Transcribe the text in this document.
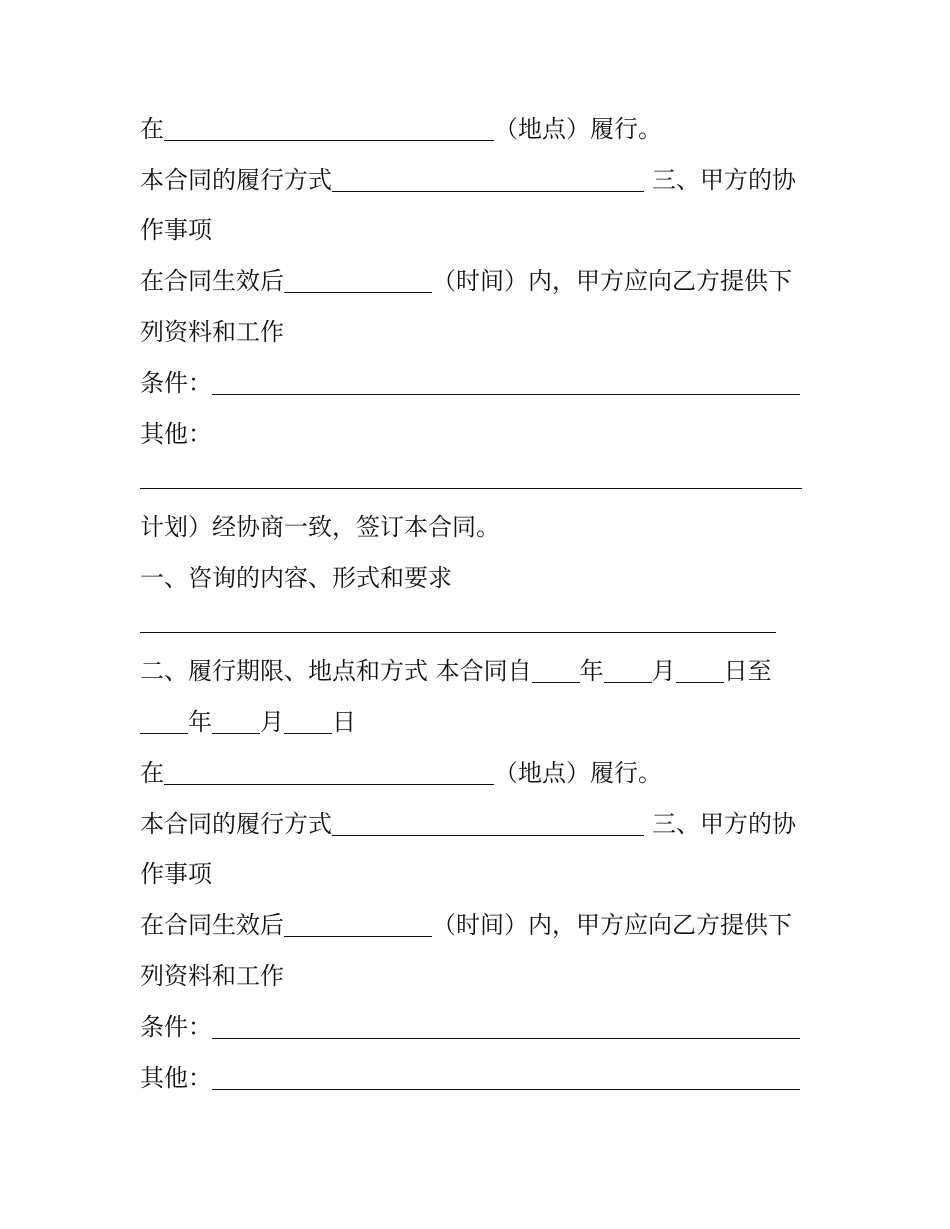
在	（地点）履行。
本合同的履行方式	三、甲方的协
作事项
在合同生效后	（时间）内，甲方应向乙方提供下
列资料和工作
条件：
其他：
计划）经协商一致，签订本合同。
一、咨询的内容、形式和要求
二、履行期限、地点和方式 本合同自 年 月 日至
年 月 日
在	（地点）履行。
本合同的履行方式	三、甲方的协
作事项
在合同生效后	（时间）内，甲方应向乙方提供下
列资料和工作
条件：
其他：
